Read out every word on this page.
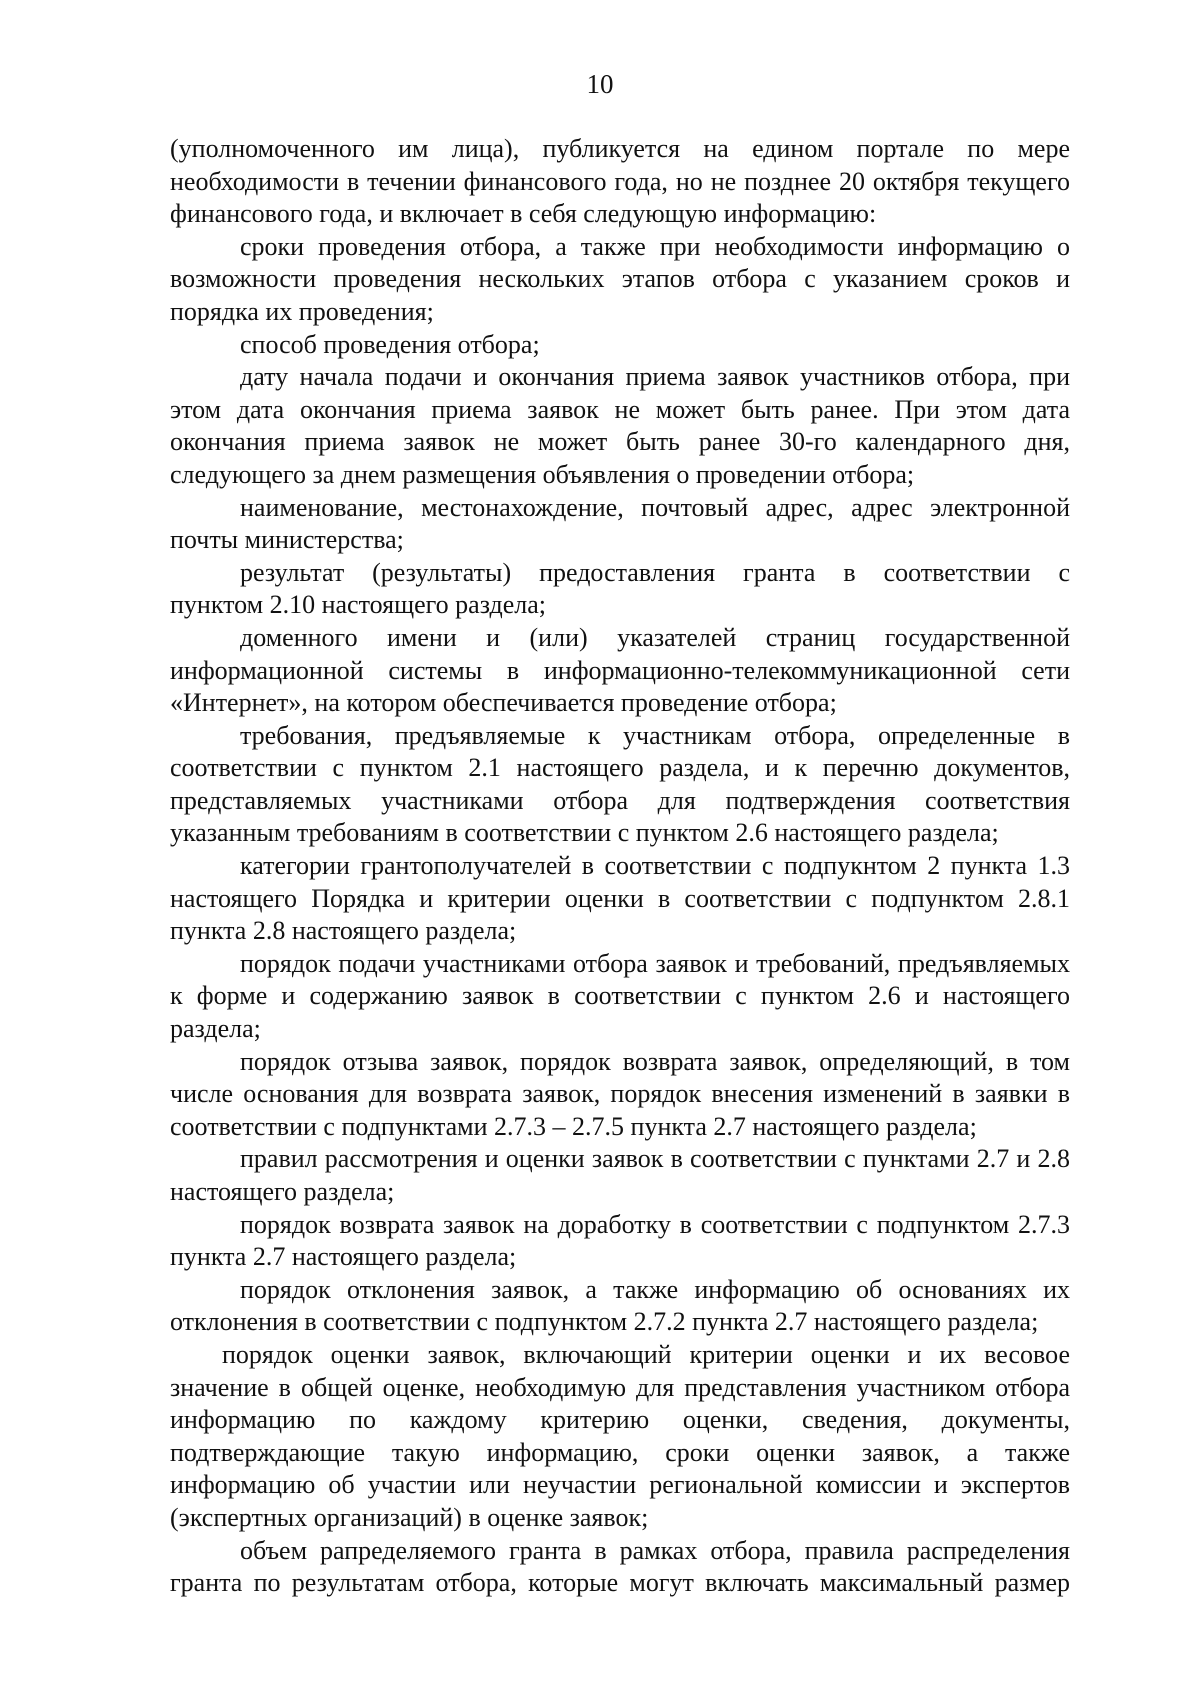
10
(уполномоченного им лица), публикуется на едином портале по мере
необходимости в течении финансового года, но не позднее 20 октября текущего
финансового года, и включает в себя следующую информацию:
сроки проведения отбора, а также при необходимости информацию о
возможности проведения нескольких этапов отбора с указанием сроков и
порядка их проведения;
способ проведения отбора;
дату начала подачи и окончания приема заявок участников отбора, при
этом дата окончания приема заявок не может быть ранее. При этом дата
окончания приема заявок не может быть ранее 30-го календарного дня,
следующего за днем размещения объявления о проведении отбора;
наименование, местонахождение, почтовый адрес, адрес электронной
почты министерства;
результат (результаты) предоставления гранта в соответствии с
пунктом 2.10 настоящего раздела;
доменного имени и (или) указателей страниц государственной
информационной системы в информационно-телекоммуникационной сети
«Интернет», на котором обеспечивается проведение отбора;
требования, предъявляемые к участникам отбора, определенные в
соответствии с пунктом 2.1 настоящего раздела, и к перечню документов,
представляемых участниками отбора для подтверждения соответствия
указанным требованиям в соответствии с пунктом 2.6 настоящего раздела;
категории грантополучателей в соответствии с подпукнтом 2 пункта 1.3
настоящего Порядка и критерии оценки в соответствии с подпунктом 2.8.1
пункта 2.8 настоящего раздела;
порядок подачи участниками отбора заявок и требований, предъявляемых
к форме и содержанию заявок в соответствии с пунктом 2.6 и настоящего
раздела;
порядок отзыва заявок, порядок возврата заявок, определяющий, в том
числе основания для возврата заявок, порядок внесения изменений в заявки в
соответствии с подпунктами 2.7.3 – 2.7.5 пункта 2.7 настоящего раздела;
правил рассмотрения и оценки заявок в соответствии с пунктами 2.7 и 2.8
настоящего раздела;
порядок возврата заявок на доработку в соответствии с подпунктом 2.7.3
пункта 2.7 настоящего раздела;
порядок отклонения заявок, а также информацию об основаниях их
отклонения в соответствии с подпунктом 2.7.2 пункта 2.7 настоящего раздела;
порядок оценки заявок, включающий критерии оценки и их весовое
значение в общей оценке, необходимую для представления участником отбора
информацию по каждому критерию оценки, сведения, документы,
подтверждающие такую информацию, сроки оценки заявок, а также
информацию об участии или неучастии региональной комиссии и экспертов
(экспертных организаций) в оценке заявок;
объем рапределяемого гранта в рамках отбора, правила распределения
гранта по результатам отбора, которые могут включать максимальный размер
